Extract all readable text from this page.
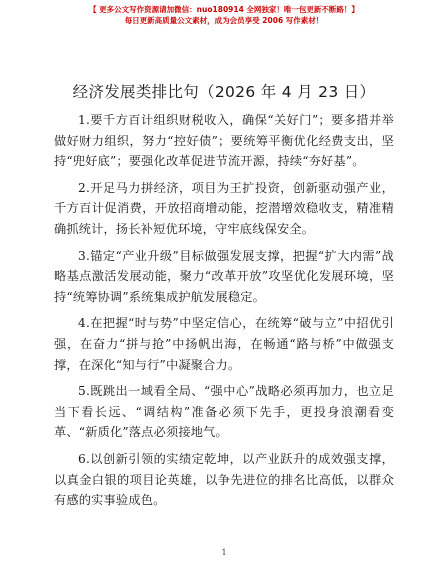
【 更多公文写作资源请加微信：nuo180914 全网独家！唯一包更新不断路！】
每日更新高质量公文素材，成为会员享受 2006 写作素材！
经济发展类排比句（2026 年 4 月 23 日）

1.要千方百计组织财税收入，确保“关好门”；要多措并举做好财力组织，努力“控好债”；要统筹平衡优化经费支出，坚持“兜好底”；要强化改革促进节流开源，持续“夯好基”。

2.开足马力拼经济，项目为王扩投资，创新驱动强产业，千方百计促消费，开放招商增动能，挖潜增效稳收支，精准精确抓统计，扬长补短优环境，守牢底线保安全。

3.锚定“产业升级”目标做强发展支撑，把握“扩大内需”战略基点激活发展动能，聚力“改革开放”攻坚优化发展环境，坚持“统筹协调”系统集成护航发展稳定。

4.在把握“时与势”中坚定信心，在统筹“破与立”中招优引强，在奋力“拼与抢”中扬帆出海，在畅通“路与桥”中做强支撑，在深化“知与行”中凝聚合力。

5.既跳出一域看全局、“强中心”战略必须再加力，也立足当下看长远、“调结构”准备必须下先手，更投身浪潮看变革、“新质化”落点必须接地气。

6.以创新引领的实绩定乾坤，以产业跃升的成效强支撑，以真金白银的项目论英雄，以争先进位的排名比高低，以群众有感的实事验成色。

1
